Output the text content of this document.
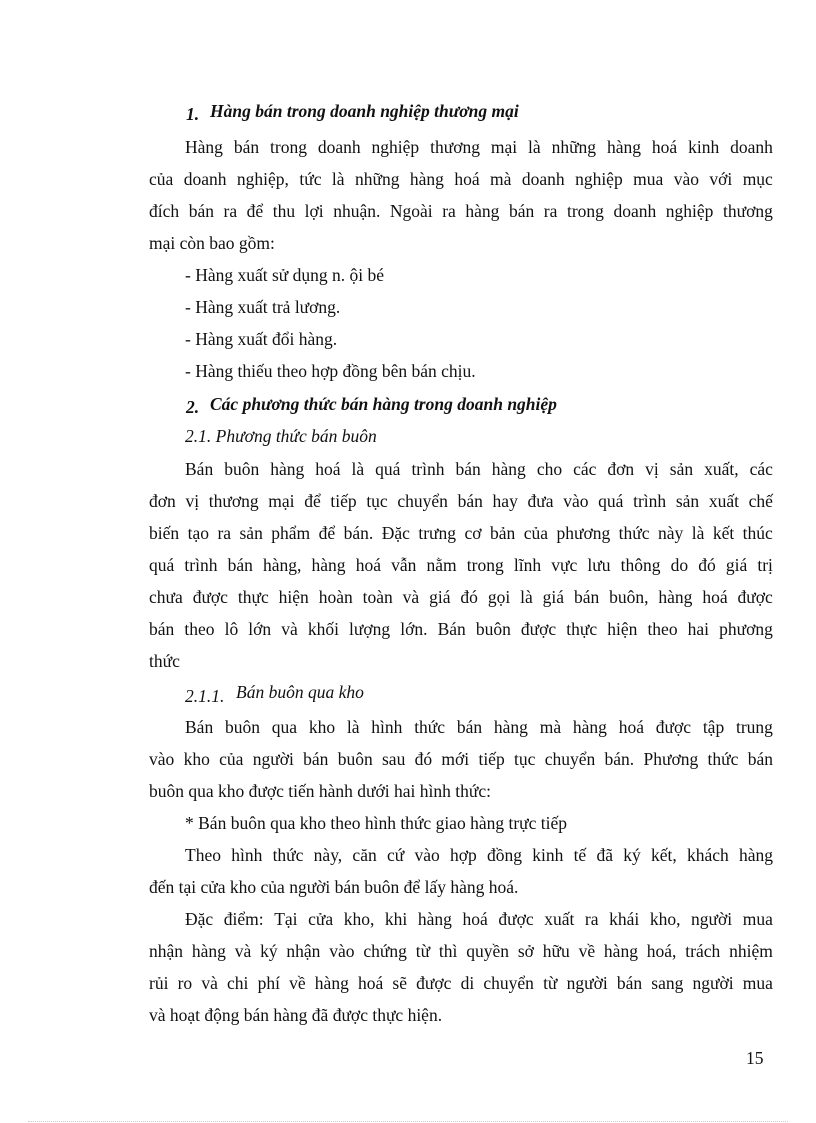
1. Hàng bán trong doanh nghiệp thương mại
Hàng bán trong doanh nghiệp thương mại là những hàng hoá kinh doanh
của doanh nghiệp, tức là những hàng hoá mà doanh nghiệp mua vào với mục
đích bán ra để thu lợi nhuận. Ngoài ra hàng bán ra trong doanh nghiệp thương
mại còn bao gồm:
- Hàng xuất sử dụng n. ội bé
- Hàng xuất trả lương.
- Hàng xuất đổi hàng.
- Hàng thiếu theo hợp đồng bên bán chịu.
2. Các phương thức bán hàng trong doanh nghiệp
2.1. Phương thức bán buôn
Bán buôn hàng hoá là quá trình bán hàng cho các đơn vị sản xuất, các
đơn vị thương mại để tiếp tục chuyển bán hay đưa vào quá trình sản xuất chế
biến tạo ra sản phẩm để bán. Đặc trưng cơ bản của phương thức này là kết thúc
quá trình bán hàng, hàng hoá vẫn nằm trong lĩnh vực lưu thông do đó giá trị
chưa được thực hiện hoàn toàn và giá đó gọi là giá bán buôn, hàng hoá được
bán theo lô lớn và khối lượng lớn. Bán buôn được thực hiện theo hai phương
thức
2.1.1. Bán buôn qua kho
Bán buôn qua kho là hình thức bán hàng mà hàng hoá được tập trung
vào kho của người bán buôn sau đó mới tiếp tục chuyển bán. Phương thức bán
buôn qua kho được tiến hành dưới hai hình thức:
* Bán buôn qua kho theo hình thức giao hàng trực tiếp
Theo hình thức này, căn cứ vào hợp đồng kinh tế đã ký kết, khách hàng
đến tại cửa kho của người bán buôn để lấy hàng hoá.
Đặc điểm: Tại cửa kho, khi hàng hoá được xuất ra khái kho, người mua
nhận hàng và ký nhận vào chứng từ thì quyền sở hữu về hàng hoá, trách nhiệm
rủi ro và chi phí về hàng hoá sẽ được di chuyển từ người bán sang người mua
và hoạt động bán hàng đã được thực hiện.
15
